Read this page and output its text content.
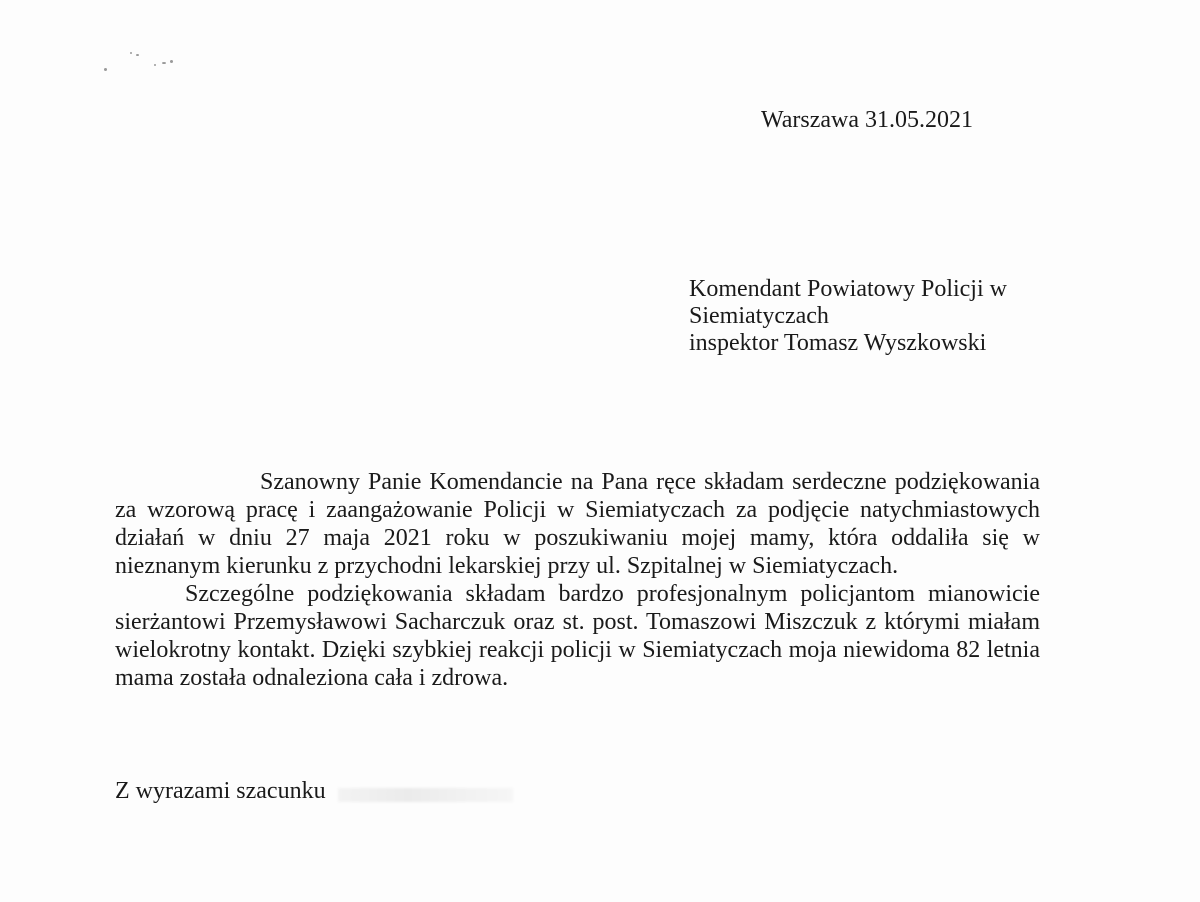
Warszawa 31.05.2021
Komendant Powiatowy Policji w
Siemiatyczach
inspektor Tomasz Wyszkowski

Szanowny Panie Komendancie na Pana ręce składam serdeczne podziękowania za wzorową pracę i zaangażowanie Policji w Siemiatyczach za podjęcie natychmiastowych działań w dniu 27 maja 2021 roku w poszukiwaniu mojej mamy, która oddaliła się w nieznanym kierunku z przychodni lekarskiej przy ul. Szpitalnej w Siemiatyczach.

Szczególne podziękowania składam bardzo profesjonalnym policjantom mianowicie sierżantowi Przemysławowi Sacharczuk oraz st. post. Tomaszowi Miszczuk z którymi miałam wielokrotny kontakt. Dzięki szybkiej reakcji policji w Siemiatyczach moja niewidoma 82 letnia mama została odnaleziona cała i zdrowa.

Z wyrazami szacunku
